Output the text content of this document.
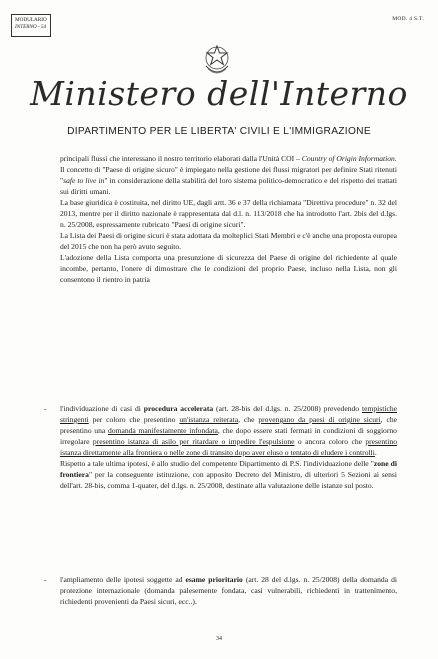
MODULARIO
INTERNO - 54
MOD. 4 S.T.
Ministero dell'Interno
DIPARTIMENTO PER LE LIBERTA' CIVILI E L'IMMIGRAZIONE

principali flussi che interessano il nostro territorio elaborati dalla l'Unità COI – Country of Origin Information.

Il concetto di "Paese di origine sicuro" è impiegato nella gestione dei flussi migratori per definire Stati ritenuti "safe to live in" in considerazione della stabilità del loro sistema politico-democratico e del rispetto dei trattati sui diritti umani.

La base giuridica è costituita, nel diritto UE, dagli artt. 36 e 37 della richiamata "Direttiva procedure" n. 32 del 2013, mentre per il diritto nazionale è rappresentata dal d.l. n. 113/2018 che ha introdotto l'art. 2bis del d.lgs. n. 25/2008, espressamente rubricato "Paesi di origine sicuri".

La Lista dei Paesi di origine sicuri è stata adottata da molteplici Stati Membri e c'è anche una proposta europea del 2015 che non ha però avuto seguito.

L'adozione della Lista comporta una presunzione di sicurezza del Paese di origine del richiedente al quale incombe, pertanto, l'onere di dimostrare che le condizioni del proprio Paese, incluso nella Lista, non gli consentono il rientro in patria

- l'individuazione di casi di procedura accelerata (art. 28-bis del d.lgs. n. 25/2008) prevedendo tempistiche stringenti per coloro che presentino un'istanza reiterata, che provengano da paesi di origine sicuri, che presentino una domanda manifestamente infondata, che dopo essere stati fermati in condizioni di soggiorno irregolare presentino istanza di asilo per ritardare o impedire l'espulsione o ancora coloro che presentino istanza direttamente alla frontiera o nelle zone di transito dopo aver eluso o tentato di eludere i controlli.

Rispetto a tale ultima ipotesi, è allo studio del competente Dipartimento di P.S. l'individuazione delle "zone di frontiera" per la conseguente istituzione, con apposito Decreto del Ministro, di ulteriori 5 Sezioni ai sensi dell'art. 28-bis, comma 1-quater, del d.lgs. n. 25/2008, destinate alla valutazione delle istanze sul posto.

- l'ampliamento delle ipotesi soggette ad esame prioritario (art. 28 del d.lgs. n. 25/2008) della domanda di protezione internazionale (domanda palesemente fondata, casi vulnerabili, richiedenti in trattenimento, richiedenti provenienti da Paesi sicuri, ecc..).

34
